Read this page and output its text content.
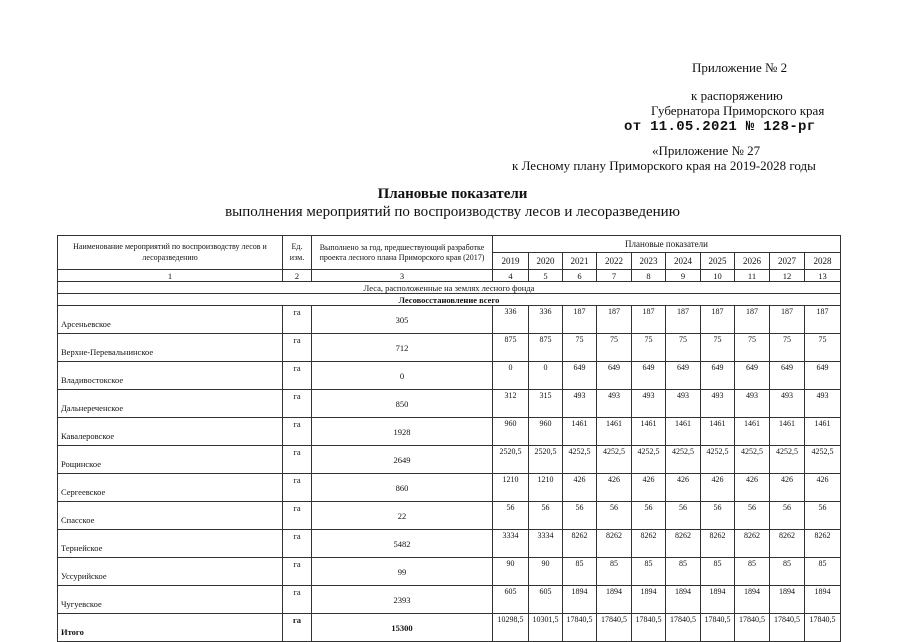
Приложение № 2
к распоряжению
Губернатора Приморского края
от 11.05.2021 № 128-рг
«Приложение № 27
к Лесному плану Приморского края на 2019-2028 годы
Плановые показатели
выполнения мероприятий по воспроизводству лесов и лесоразведению
Наименование мероприятий по воспроизводству лесов и лесоразведению	Ед. изм.	Выполнено за год, предшествующий разработке проекта лесного плана Приморского края (2017)	Плановые показатели									
			2019	2020	2021	2022	2023	2024	2025	2026	2027	2028
1	2	3	4	5	6	7	8	9	10	11	12	13
Леса, расположенные на землях лесного фонда												
Лесовосстановление всего												
Арсеньевское	га	305	336	336	187	187	187	187	187	187	187	187
Верхне-Перевальнинское	га	712	875	875	75	75	75	75	75	75	75	75
Владивостокское	га	0	0	0	649	649	649	649	649	649	649	649
Дальнереченское	га	850	312	315	493	493	493	493	493	493	493	493
Кавалеровское	га	1928	960	960	1461	1461	1461	1461	1461	1461	1461	1461
Рощинское	га	2649	2520,5	2520,5	4252,5	4252,5	4252,5	4252,5	4252,5	4252,5	4252,5	4252,5
Сергеевское	га	860	1210	1210	426	426	426	426	426	426	426	426
Спасское	га	22	56	56	56	56	56	56	56	56	56	56
Тернейское	га	5482	3334	3334	8262	8262	8262	8262	8262	8262	8262	8262
Уссурийское	га	99	90	90	85	85	85	85	85	85	85	85
Чугуевское	га	2393	605	605	1894	1894	1894	1894	1894	1894	1894	1894
Итого	га	15300	10298,5	10301,5	17840,5	17840,5	17840,5	17840,5	17840,5	17840,5	17840,5	17840,5
